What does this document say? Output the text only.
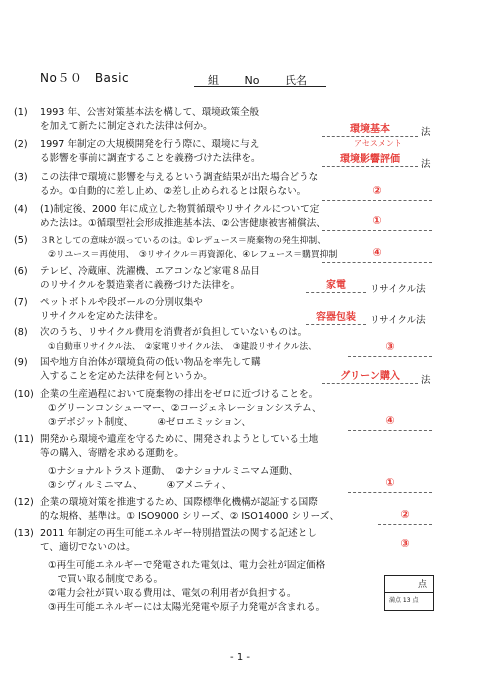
No５０　Basic	組 No 氏名
(1)	1993 年、公害対策基本法を構して、環境政策全般
を加えて新たに制定された法律は何か。	環境基本	法
(2)	1997 年制定の大規模開発を行う際に、環境に与え
る影響を事前に調査することを義務づけた法律を。
アセスメント
環境影響評価	法
(3)	この法律で環境に影響を与えるという調査結果が出た場合どうな
るか。①自動的に差し止め、②差し止められるとは限らない。	②
(4)	(1)制定後、2000 年に成立した物質循環やリサイクルについて定
めた法は。①循環型社会形成推進基本法、②公害健康被害補償法、	①
(5)	３Rとしての意味が誤っているのは。①レデュース＝廃棄物の発生抑制、
②リユース＝再使用、　③リサイクル＝再資源化、④レフュース＝購買抑制	④
(6)	テレビ、冷蔵庫、洗濯機、エアコンなど家電８品目
のリサイクルを製造業者に義務づけた法律を。	家電	リサイクル法
(7)	ペットボトルや段ボールの分別収集や
リサイクルを定めた法律を。	容器包装	リサイクル法
(8)	次のうち、リサイクル費用を消費者が負担していないものは。
①自動車リサイクル法、　②家電リサイクル法、　③建設リサイクル法、	③
(9)	国や地方自治体が環境負荷の低い物品を率先して購
入することを定めた法律を何というか。	グリーン購入	法
(10) 企業の生産過程において廃棄物の排出をゼロに近づけることを。
①グリーンコンシューマー、②コージェネレーションシステム、
③デポジット制度、　　　④ゼロエミッション、	④
(11) 開発から環境や遺産を守るために、開発されようとしている土地
等の購入、寄贈を求める運動を。
①ナショナルトラスト運動、　②ナショナルミニマム運動、
③シヴィルミニマム、　　　④アメニティ、	①
(12) 企業の環境対策を推進するため、国際標準化機構が認証する国際
的な規格、基準は。① ISO9000 シリーズ、② ISO14000 シリーズ、	②
(13) 2011 年制定の再生可能エネルギー特別措置法の関する記述とし
て、適切でないのは。
①再生可能エネルギーで発電された電気は、電力会社が固定価格
　で買い取る制度である。
②電力会社が買い取る費用は、電気の利用者が負担する。
③再生可能エネルギーには太陽光発電や原子力発電が含まれる。
③
点
満点 13 点
- 1 -
